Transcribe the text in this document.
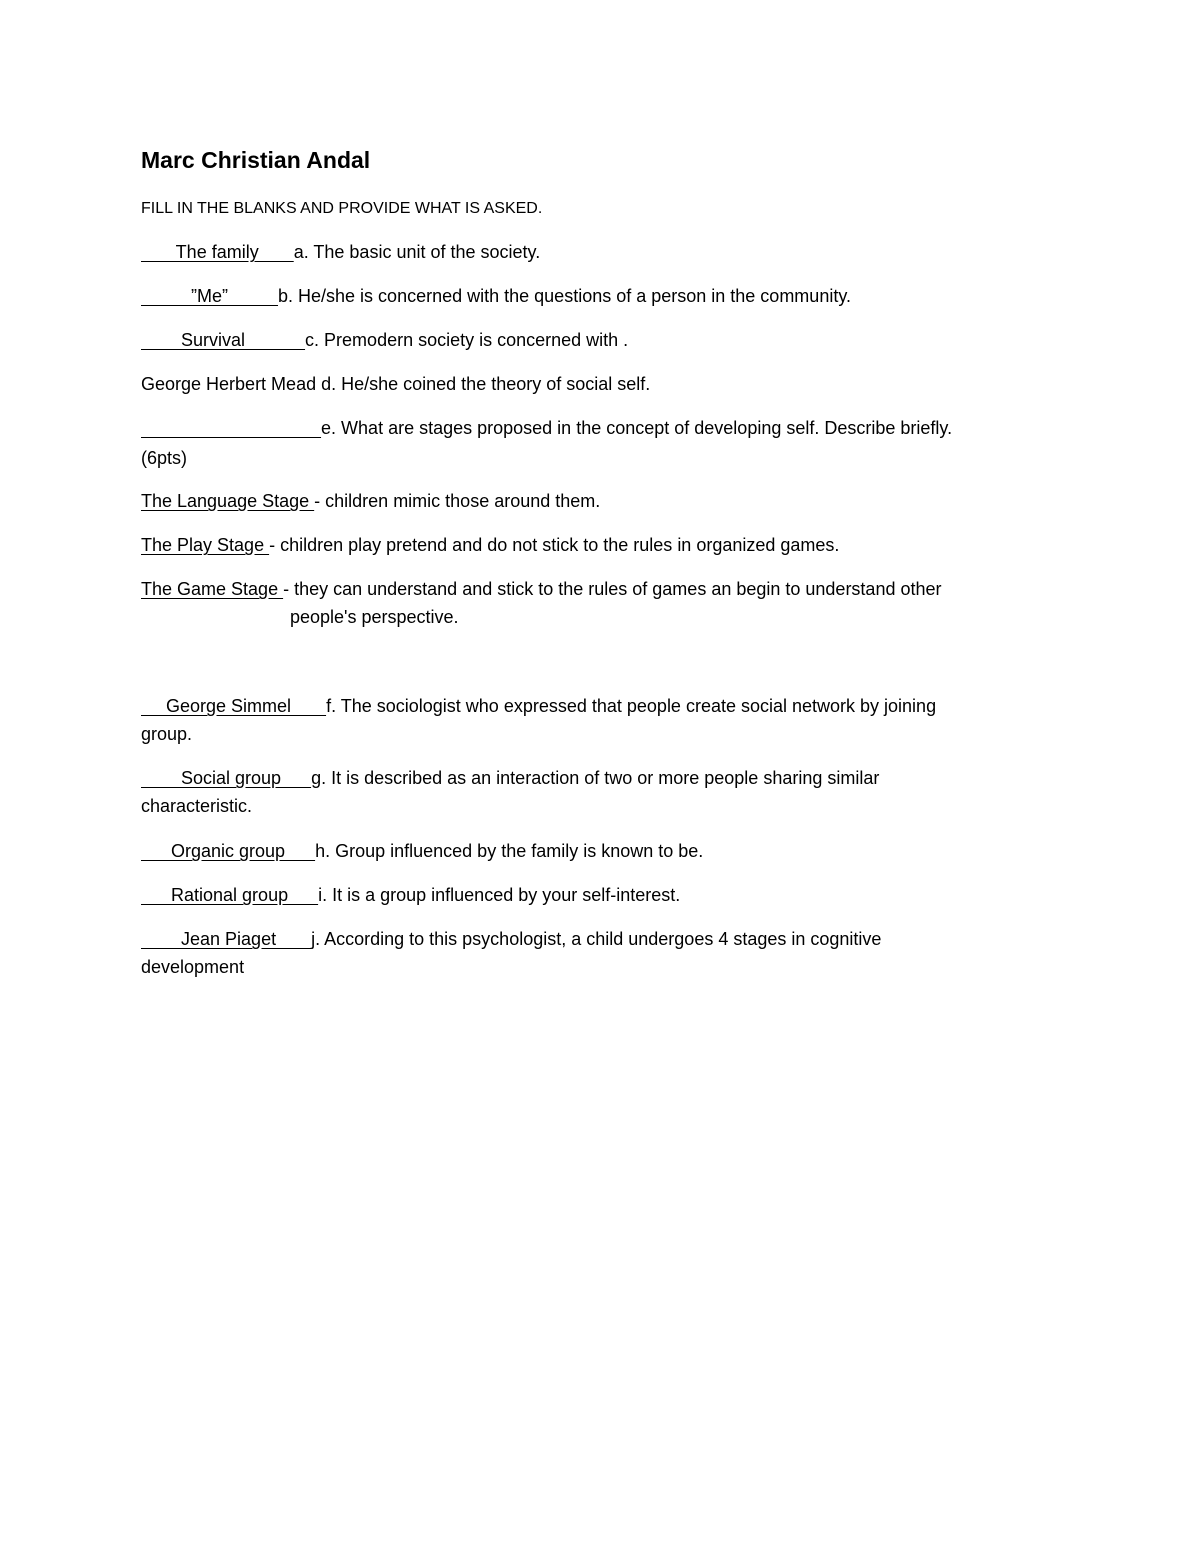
Marc Christian Andal
FILL IN THE BLANKS AND PROVIDE WHAT IS ASKED.
The family       a. The basic unit of the society.
”Me”          b. He/she is concerned with the questions of a person in the community.
Survival            c. Premodern society is concerned with .
George Herbert Mead d. He/she coined the theory of social self.
e. What are stages proposed in the concept of developing self. Describe briefly.
(6pts)
The Language Stage - children mimic those around them.
The Play Stage - children play pretend and do not stick to the rules in organized games.
The Game Stage - they can understand and stick to the rules of games an begin to understand other
people's perspective.
George Simmel       f. The sociologist who expressed that people create social network by joining
group.
Social group      g. It is described as an interaction of two or more people sharing similar
characteristic.
Organic group      h. Group influenced by the family is known to be.
Rational group      i. It is a group influenced by your self-interest.
Jean Piaget       j. According to this psychologist, a child undergoes 4 stages in cognitive
development
